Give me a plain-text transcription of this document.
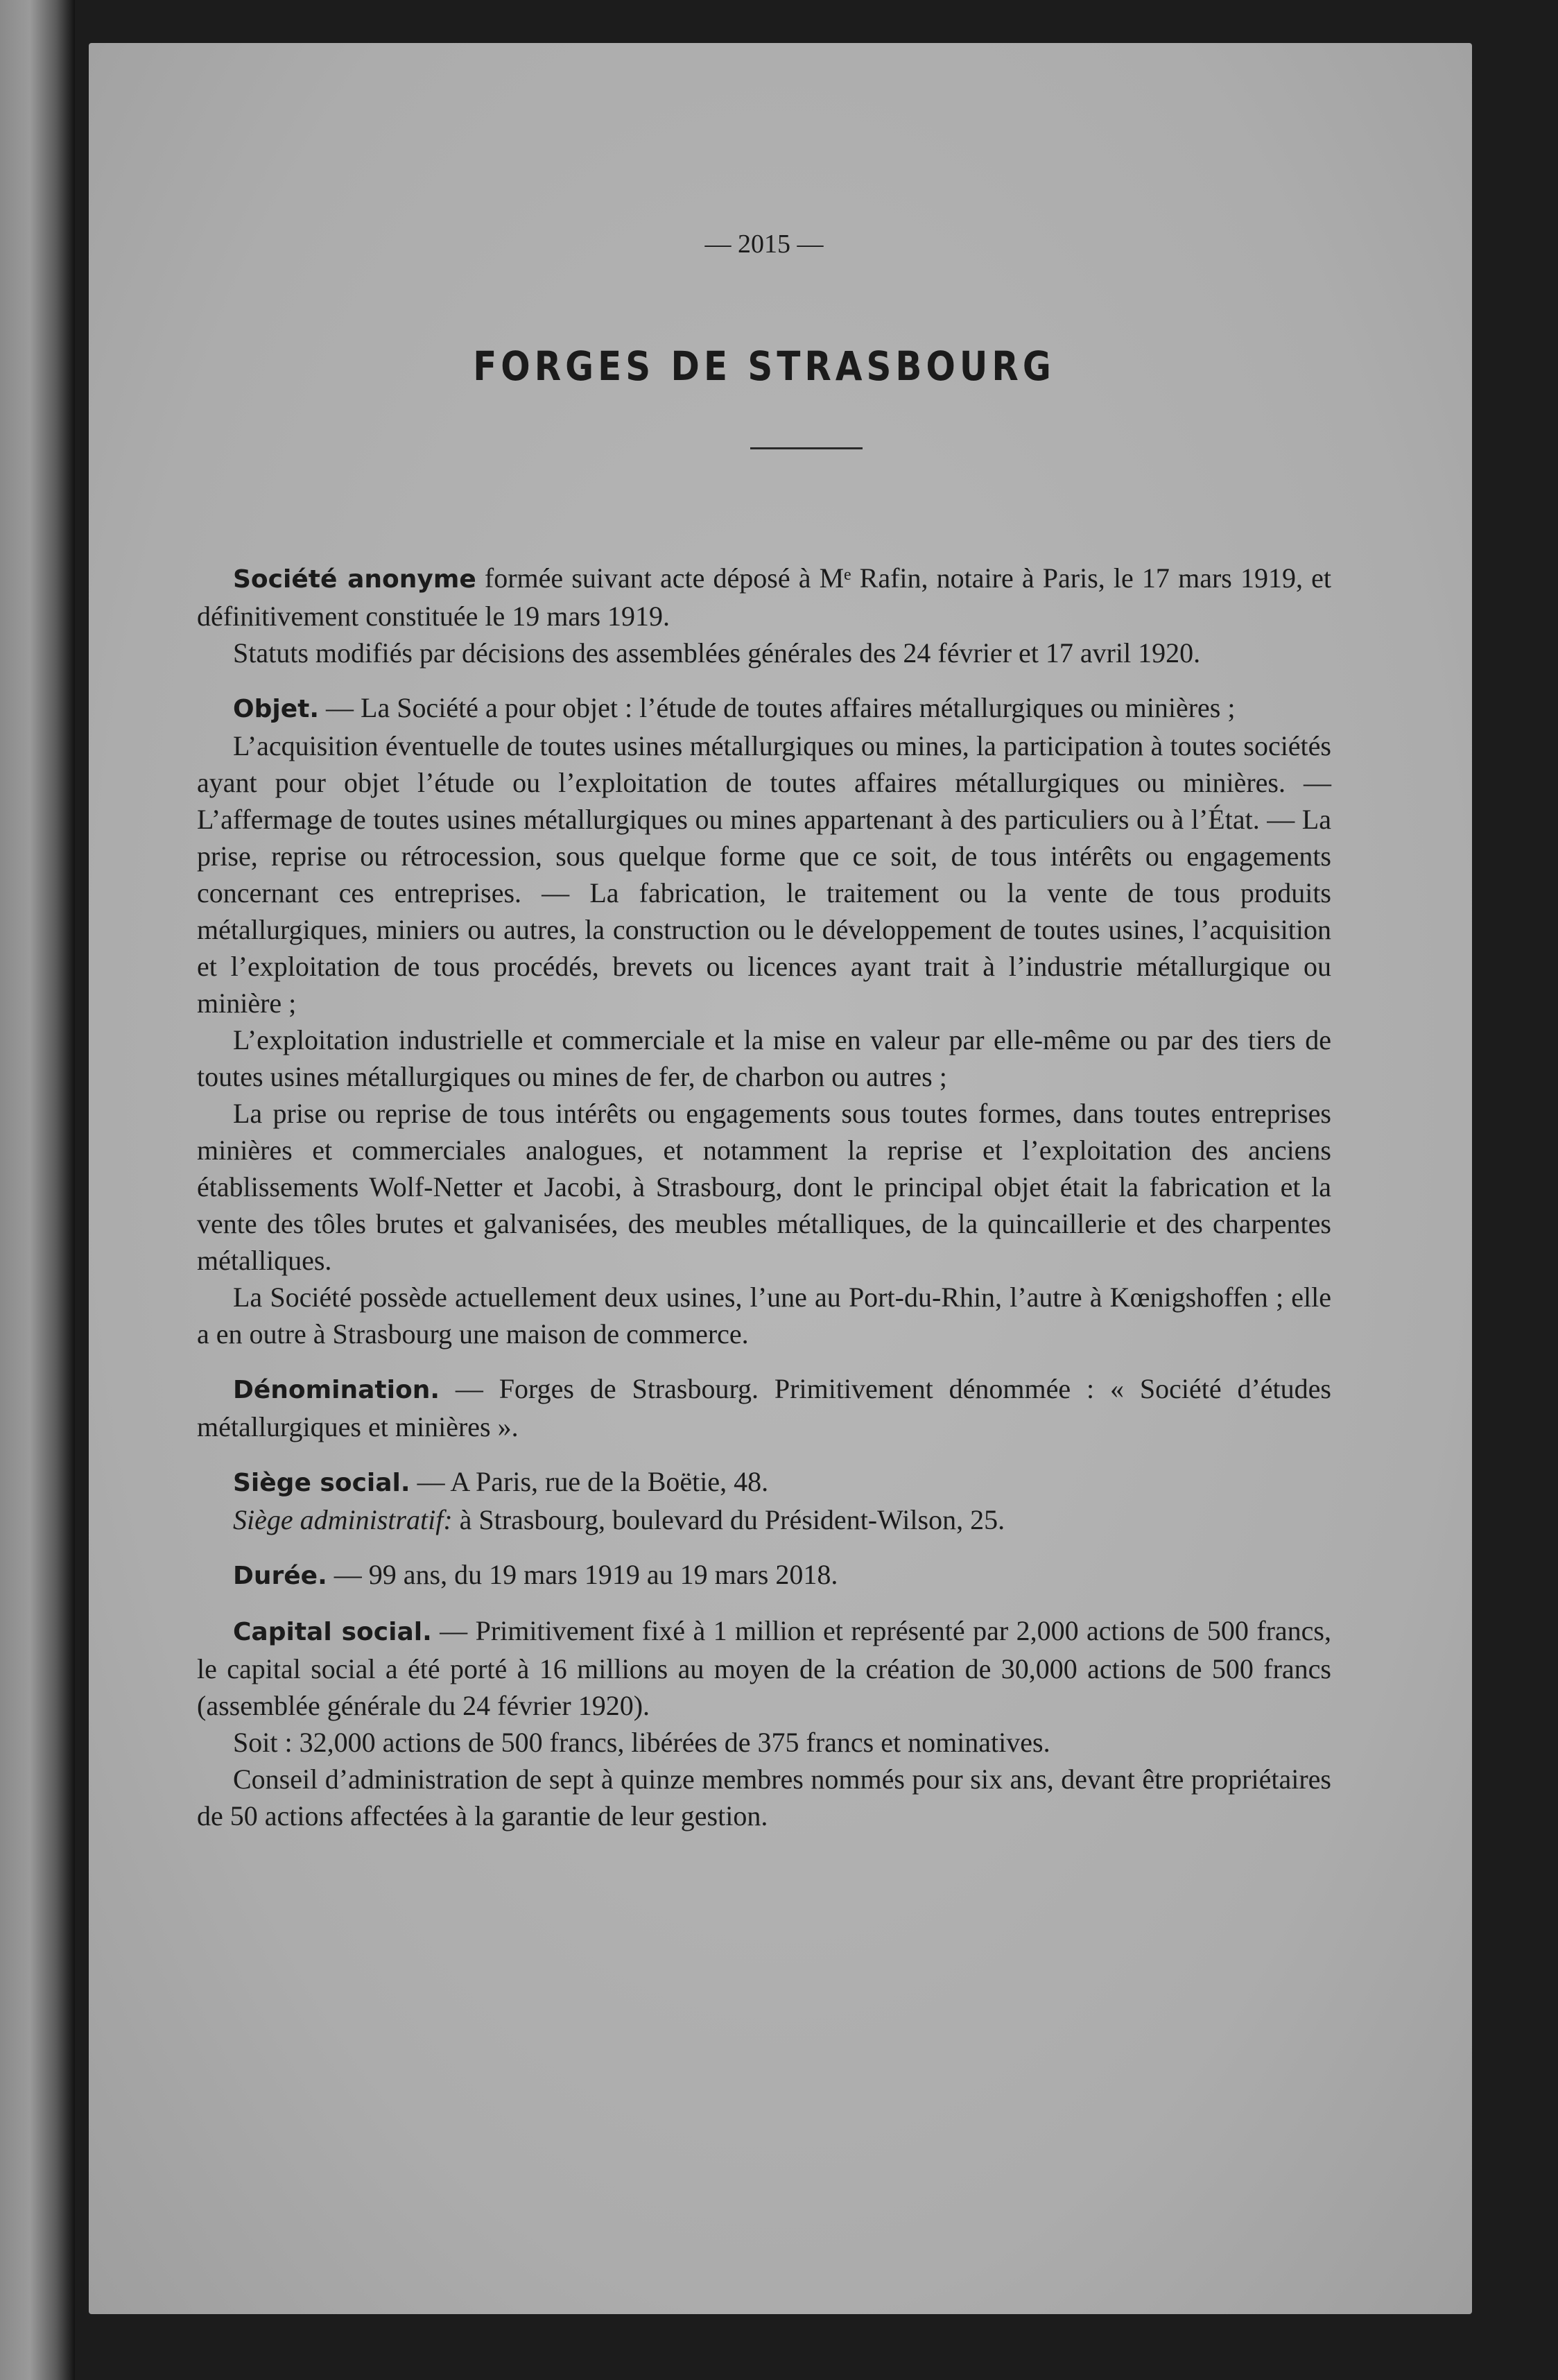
— 2015 —
FORGES DE STRASBOURG

Société anonyme formée suivant acte déposé à Mᵉ Rafin, notaire à Paris, le 17 mars 1919, et définitivement constituée le 19 mars 1919.

Statuts modifiés par décisions des assemblées générales des 24 février et 17 avril 1920.

Objet. — La Société a pour objet : l’étude de toutes affaires métallurgiques ou minières ;

L’acquisition éventuelle de toutes usines métallurgiques ou mines, la participation à toutes sociétés ayant pour objet l’étude ou l’exploitation de toutes affaires métallurgiques ou minières. — L’affermage de toutes usines métallurgiques ou mines appartenant à des particuliers ou à l’État. — La prise, reprise ou rétrocession, sous quelque forme que ce soit, de tous intérêts ou engagements concernant ces entreprises. — La fabrication, le traitement ou la vente de tous produits métallurgiques, miniers ou autres, la construction ou le développement de toutes usines, l’acquisition et l’exploitation de tous procédés, brevets ou licences ayant trait à l’industrie métallurgique ou minière ;

L’exploitation industrielle et commerciale et la mise en valeur par elle-même ou par des tiers de toutes usines métallurgiques ou mines de fer, de charbon ou autres ;

La prise ou reprise de tous intérêts ou engagements sous toutes formes, dans toutes entreprises minières et commerciales analogues, et notamment la reprise et l’exploitation des anciens établissements Wolf-Netter et Jacobi, à Strasbourg, dont le principal objet était la fabrication et la vente des tôles brutes et galvanisées, des meubles métalliques, de la quincaillerie et des charpentes métalliques.

La Société possède actuellement deux usines, l’une au Port-du-Rhin, l’autre à Kœnigshoffen ; elle a en outre à Strasbourg une maison de commerce.

Dénomination. — Forges de Strasbourg. Primitivement dénommée : « Société d’études métallurgiques et minières ».

Siège social. — A Paris, rue de la Boëtie, 48.

Siège administratif: à Strasbourg, boulevard du Président-Wilson, 25.

Durée. — 99 ans, du 19 mars 1919 au 19 mars 2018.

Capital social. — Primitivement fixé à 1 million et représenté par 2,000 actions de 500 francs, le capital social a été porté à 16 millions au moyen de la création de 30,000 actions de 500 francs (assemblée générale du 24 février 1920).

Soit : 32,000 actions de 500 francs, libérées de 375 francs et nominatives.

Conseil d’administration de sept à quinze membres nommés pour six ans, devant être propriétaires de 50 actions affectées à la garantie de leur gestion.
